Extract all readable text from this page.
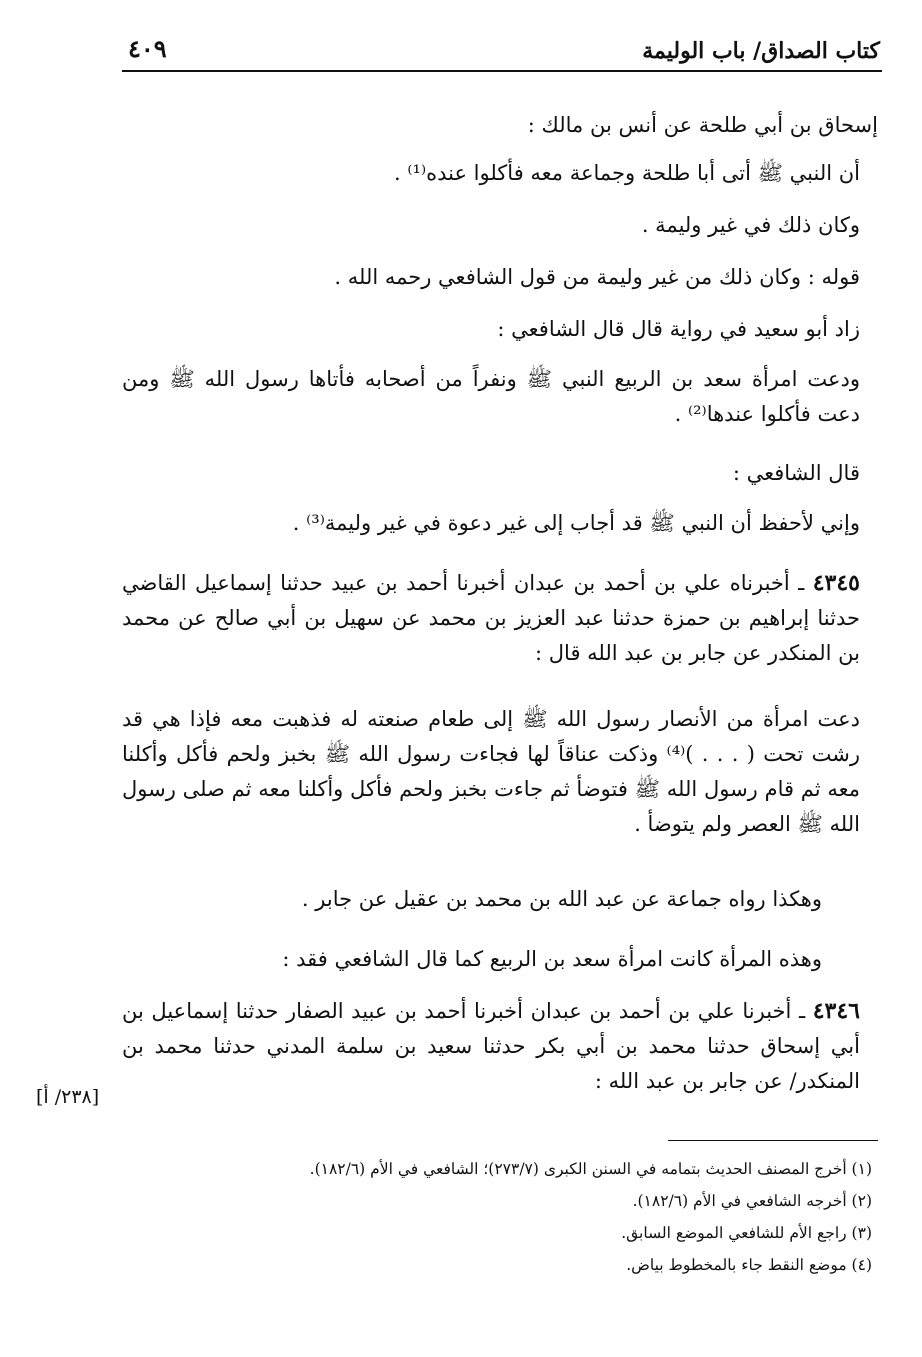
كتاب الصداق/ باب الوليمة
٤٠٩
إسحاق بن أبي طلحة عن أنس بن مالك :
أن النبي ﷺ أتى أبا طلحة وجماعة معه فأكلوا عنده⁽¹⁾ .
وكان ذلك في غير وليمة .
قوله : وكان ذلك من غير وليمة من قول الشافعي رحمه الله .
زاد أبو سعيد في رواية قال قال الشافعي :
ودعت امرأة سعد بن الربيع النبي ﷺ ونفراً من أصحابه فأتاها رسول الله ﷺ ومن دعت فأكلوا عندها⁽²⁾ .
قال الشافعي :
وإني لأحفظ أن النبي ﷺ قد أجاب إلى غير دعوة في غير وليمة⁽³⁾ .
٤٣٤٥ ـ أخبرناه علي بن أحمد بن عبدان أخبرنا أحمد بن عبيد حدثنا إسماعيل القاضي حدثنا إبراهيم بن حمزة حدثنا عبد العزيز بن محمد عن سهيل بن أبي صالح عن محمد بن المنكدر عن جابر بن عبد الله قال :
دعت امرأة من الأنصار رسول الله ﷺ إلى طعام صنعته له فذهبت معه فإذا هي قد رشت تحت ( . . . )⁽⁴⁾ وذكت عناقاً لها فجاءت رسول الله ﷺ بخبز ولحم فأكل وأكلنا معه ثم قام رسول الله ﷺ فتوضأ ثم جاءت بخبز ولحم فأكل وأكلنا معه ثم صلى رسول الله ﷺ العصر ولم يتوضأ .
وهكذا رواه جماعة عن عبد الله بن محمد بن عقيل عن جابر .
وهذه المرأة كانت امرأة سعد بن الربيع كما قال الشافعي فقد :
٤٣٤٦ ـ أخبرنا علي بن أحمد بن عبدان أخبرنا أحمد بن عبيد الصفار حدثنا إسماعيل بن أبي إسحاق حدثنا محمد بن أبي بكر حدثنا سعيد بن سلمة المدني حدثنا محمد بن المنكدر/ عن جابر بن عبد الله :
[٢٣٨/ أ]
(١) أخرج المصنف الحديث بتمامه في السنن الكبرى (٢٧٣/٧)؛ الشافعي في الأم (١٨٢/٦).
(٢) أخرجه الشافعي في الأم (١٨٢/٦).
(٣) راجع الأم للشافعي الموضع السابق.
(٤) موضع النقط جاء بالمخطوط بياض.
